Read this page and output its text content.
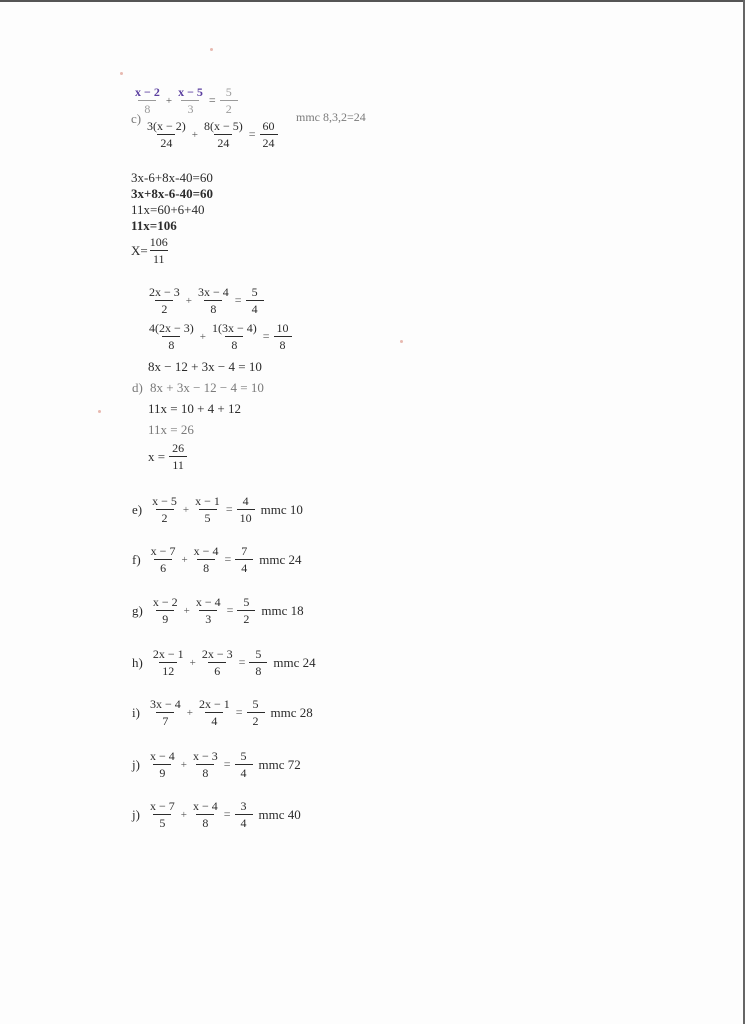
$\frac{x - 2}{8} + \frac{x - 5}{3} = \frac{5}{2}$
c)
$\frac{3(x - 2)}{24} + \frac{8(x - 5)}{24} = \frac{60}{24}$
mmc 8,3,2=24
3x-6+8x-40=60
3x+8x-6-40=60
11x=60+6+40
11x=106
$X= \frac{106}{11}$
$\frac{2x - 3}{2} + \frac{3x - 4}{8} = \frac{5}{4}$
$\frac{4(2x - 3)}{8} + \frac{1(3x - 4)}{8} = \frac{10}{8}$
8x − 12 + 3x − 4 = 10
d) 8x + 3x − 12 − 4 = 10
11x = 10 + 4 + 12
11x = 26
$x = \frac{26}{11}$
$e) \frac{x - 5}{2} + \frac{x - 1}{5} = \frac{4}{10}$ mmc 10
$f) \frac{x - 7}{6} + \frac{x - 4}{8} = \frac{7}{4}$ mmc 24
$g) \frac{x - 2}{9} + \frac{x - 4}{3} = \frac{5}{2}$ mmc 18
$h) \frac{2x - 1}{12} + \frac{2x - 3}{6} = \frac{5}{8}$ mmc 24
$i) \frac{3x - 4}{7} + \frac{2x - 1}{4} = \frac{5}{2}$ mmc 28
$j) \frac{x - 4}{9} + \frac{x - 3}{8} = \frac{5}{4}$ mmc 72
$j) \frac{x - 7}{5} + \frac{x - 4}{8} = \frac{3}{4}$ mmc 40
